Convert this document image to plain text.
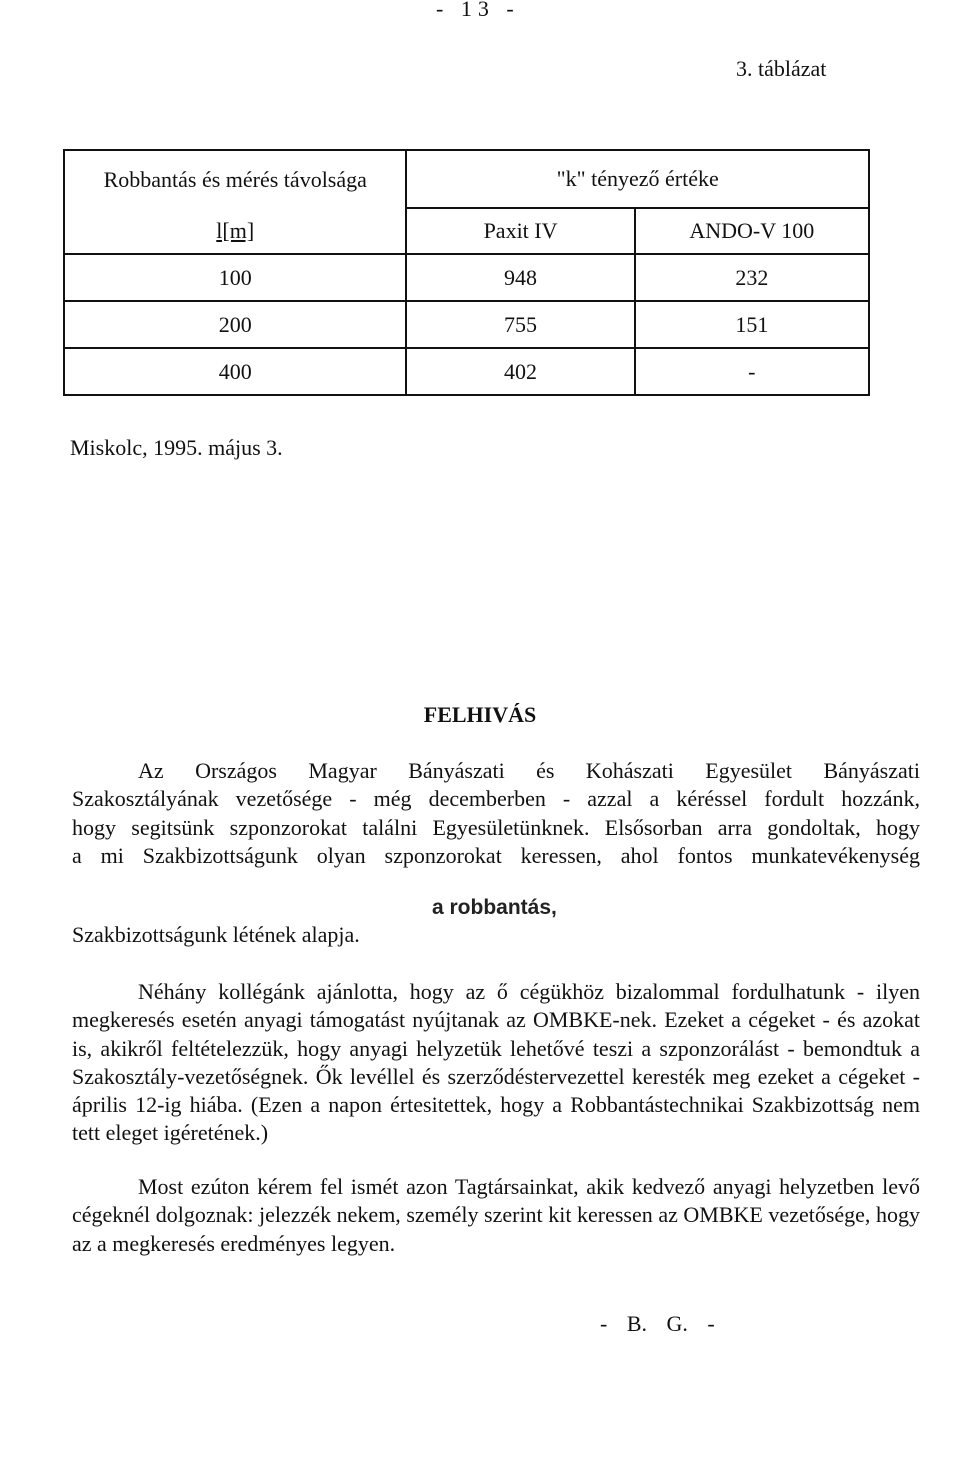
- 13 -
3. táblázat
Robbantás és mérés távolsága	"k" tényező értéke	
l[m]	Paxit IV	ANDO-V 100
100	948	232
200	755	151
400	402	-
Miskolc, 1995. május 3.
FELHIVÁS
Az Országos Magyar Bányászati és Kohászati Egyesület Bányászati
Szakosztályának vezetősége - még decemberben - azzal a kéréssel fordult hozzánk,
hogy segitsünk szponzorokat találni Egyesületünknek. Elsősorban arra gondoltak, hogy
a mi Szakbizottságunk olyan szponzorokat keressen, ahol fontos munkatevékenység
a robbantás,
Szakbizottságunk létének alapja.
Néhány kollégánk ajánlotta, hogy az ő cégükhöz bizalommal fordulhatunk - ilyen megkeresés esetén anyagi támogatást nyújtanak az OMBKE-nek. Ezeket a cégeket - és azokat is, akikről feltételezzük, hogy anyagi helyzetük lehetővé teszi a szponzorálást - bemondtuk a Szakosztály-vezetőségnek. Ők levéllel és szerződéstervezettel keresték meg ezeket a cégeket - április 12-ig hiába. (Ezen a napon értesitettek, hogy a Robbantástechnikai Szakbizottság nem tett eleget igéretének.)
Most ezúton kérem fel ismét azon Tagtársainkat, akik kedvező anyagi helyzetben levő cégeknél dolgoznak: jelezzék nekem, személy szerint kit keressen az OMBKE vezetősége, hogy az a megkeresés eredményes legyen.
- B. G. -
